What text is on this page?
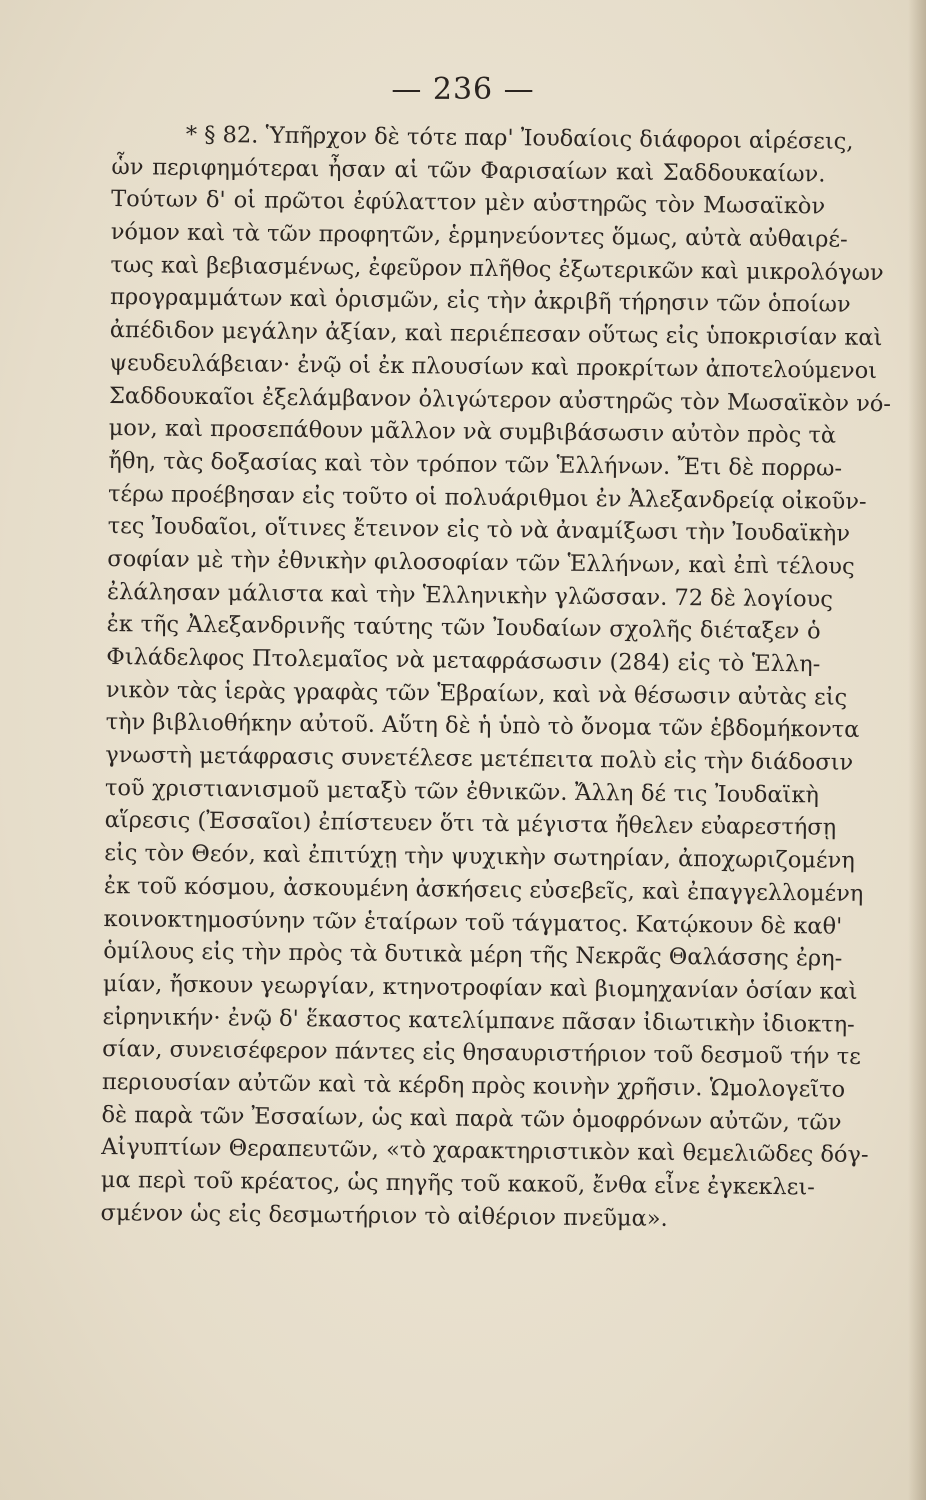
— 236 —
* § 82. Ὑπῆρχον δὲ τότε παρ' Ἰουδαίοις διάφοροι αἱρέσεις,
ὧν περιφημότεραι ἦσαν αἱ τῶν Φαρισαίων καὶ Σαδδουκαίων.
Τούτων δ' οἱ πρῶτοι ἐφύλαττον μὲν αὐστηρῶς τὸν Μωσαϊκὸν
νόμον καὶ τὰ τῶν προφητῶν, ἑρμηνεύοντες ὅμως, αὐτὰ αὐθαιρέ-
τως καὶ βεβιασμένως, ἐφεῦρον πλῆθος ἐξωτερικῶν καὶ μικρολόγων
προγραμμάτων καὶ ὁρισμῶν, εἰς τὴν ἀκριβῆ τήρησιν τῶν ὁποίων
ἀπέδιδον μεγάλην ἀξίαν, καὶ περιέπεσαν οὕτως εἰς ὑποκρισίαν καὶ
ψευδευλάβειαν· ἐνῷ οἱ ἐκ πλουσίων καὶ προκρίτων ἀποτελούμενοι
Σαδδουκαῖοι ἐξελάμβανον ὀλιγώτερον αὐστηρῶς τὸν Μωσαϊκὸν νό-
μον, καὶ προσεπάθουν μᾶλλον νὰ συμβιβάσωσιν αὐτὸν πρὸς τὰ
ἤθη, τὰς δοξασίας καὶ τὸν τρόπον τῶν Ἑλλήνων. Ἔτι δὲ πορρω-
τέρω προέβησαν εἰς τοῦτο οἱ πολυάριθμοι ἐν Ἀλεξανδρείᾳ οἰκοῦν-
τες Ἰουδαῖοι, οἵτινες ἔτεινον εἰς τὸ νὰ ἀναμίξωσι τὴν Ἰουδαϊκὴν
σοφίαν μὲ τὴν ἐθνικὴν φιλοσοφίαν τῶν Ἑλλήνων, καὶ ἐπὶ τέλους
ἐλάλησαν μάλιστα καὶ τὴν Ἑλληνικὴν γλῶσσαν. 72 δὲ λογίους
ἐκ τῆς Ἀλεξανδρινῆς ταύτης τῶν Ἰουδαίων σχολῆς διέταξεν ὁ
Φιλάδελφος Πτολεμαῖος νὰ μεταφράσωσιν (284) εἰς τὸ Ἑλλη-
νικὸν τὰς ἱερὰς γραφὰς τῶν Ἑβραίων, καὶ νὰ θέσωσιν αὐτὰς εἰς
τὴν βιβλιοθήκην αὐτοῦ. Αὕτη δὲ ἡ ὑπὸ τὸ ὄνομα τῶν ἑβδομήκοντα
γνωστὴ μετάφρασις συνετέλεσε μετέπειτα πολὺ εἰς τὴν διάδοσιν
τοῦ χριστιανισμοῦ μεταξὺ τῶν ἐθνικῶν. Ἄλλη δέ τις Ἰουδαϊκὴ
αἵρεσις (Ἐσσαῖοι) ἐπίστευεν ὅτι τὰ μέγιστα ἤθελεν εὐαρεστήσῃ
εἰς τὸν Θεόν, καὶ ἐπιτύχῃ τὴν ψυχικὴν σωτηρίαν, ἀποχωριζομένη
ἐκ τοῦ κόσμου, ἀσκουμένη ἀσκήσεις εὐσεβεῖς, καὶ ἐπαγγελλομένη
κοινοκτημοσύνην τῶν ἑταίρων τοῦ τάγματος. Κατῴκουν δὲ καθ'
ὁμίλους εἰς τὴν πρὸς τὰ δυτικὰ μέρη τῆς Νεκρᾶς Θαλάσσης ἐρη-
μίαν, ἤσκουν γεωργίαν, κτηνοτροφίαν καὶ βιομηχανίαν ὁσίαν καὶ
εἰρηνικήν· ἐνῷ δ' ἕκαστος κατελίμπανε πᾶσαν ἰδιωτικὴν ἰδιοκτη-
σίαν, συνεισέφερον πάντες εἰς θησαυριστήριον τοῦ δεσμοῦ τήν τε
περιουσίαν αὐτῶν καὶ τὰ κέρδη πρὸς κοινὴν χρῆσιν. Ὡμολογεῖτο
δὲ παρὰ τῶν Ἐσσαίων, ὡς καὶ παρὰ τῶν ὁμοφρόνων αὐτῶν, τῶν
Αἰγυπτίων Θεραπευτῶν, «τὸ χαρακτηριστικὸν καὶ θεμελιῶδες δόγ-
μα περὶ τοῦ κρέατος, ὡς πηγῆς τοῦ κακοῦ, ἔνθα εἶνε ἐγκεκλει-
σμένον ὡς εἰς δεσμωτήριον τὸ αἰθέριον πνεῦμα».
